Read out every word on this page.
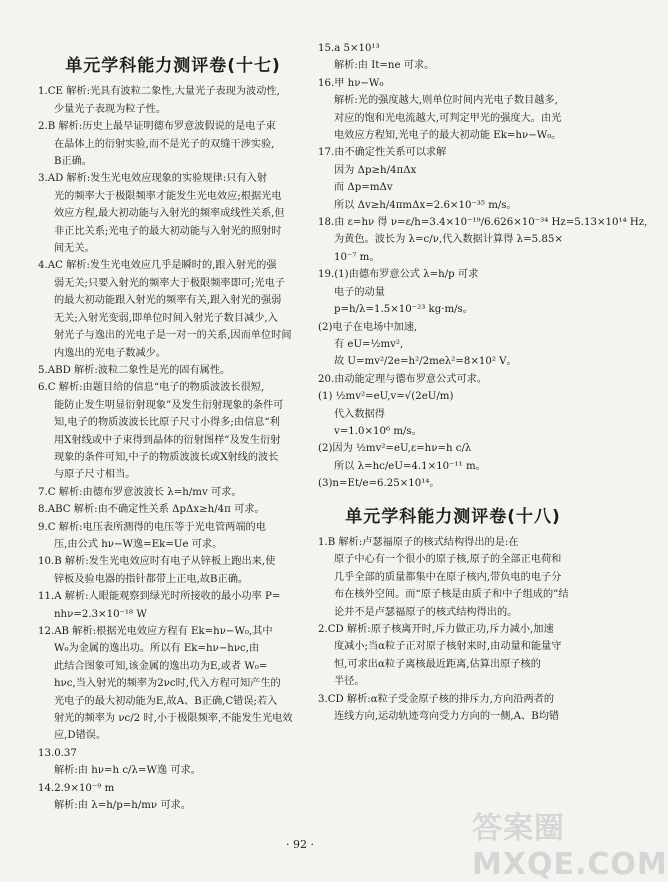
单元学科能力测评卷(十七)
1.CE 解析:光具有波粒二象性,大量光子表现为波动性,
少量光子表现为粒子性。
2.B 解析:历史上最早证明德布罗意波假说的是电子束
在晶体上的衍射实验,而不是光子的双缝干涉实验,
B正确。
3.AD 解析:发生光电效应现象的实验规律:只有入射
光的频率大于极限频率才能发生光电效应;根据光电
效应方程,最大初动能与入射光的频率成线性关系,但
非正比关系;光电子的最大初动能与入射光的照射时
间无关。
4.AC 解析:发生光电效应几乎是瞬时的,跟入射光的强
弱无关;只要入射光的频率大于极限频率即可;光电子
的最大初动能跟入射光的频率有关,跟入射光的强弱
无关;入射光变弱,即单位时间入射光子数目减少,入
射光子与逸出的光电子是一对一的关系,因而单位时间
内逸出的光电子数减少。
5.ABD 解析:波粒二象性是光的固有属性。
6.C 解析:由题目给的信息“电子的物质波波长很短,
能防止发生明显衍射现象”及发生衍射现象的条件可
知,电子的物质波波长比原子尺寸小得多;由信息“利
用X射线或中子束得到晶体的衍射图样”及发生衍射
现象的条件可知,中子的物质波波长或X射线的波长
与原子尺寸相当。
7.C 解析:由德布罗意波波长 λ=h/mv 可求。
8.ABC 解析:由不确定性关系 ΔpΔx≥h/4π 可求。
9.C 解析:电压表所测得的电压等于光电管两端的电
压,由公式 hν−W逸=Ek=Ue 可求。
10.B 解析:发生光电效应时有电子从锌板上跑出来,使
锌板及验电器的指针都带上正电,故B正确。
11.A 解析:人眼能观察到绿光时所接收的最小功率 P=
nhν=2.3×10⁻¹⁸ W
12.AB 解析:根据光电效应方程有 Ek=hν−W₀,其中
W₀为金属的逸出功。所以有 Ek=hν−hνc,由
此结合图象可知,该金属的逸出功为E,或者 W₀=
hνc,当入射光的频率为2νc时,代入方程可知产生的
光电子的最大初动能为E,故A、B正确,C错误;若入
射光的频率为 νc/2 时,小于极限频率,不能发生光电效
应,D错误。
13.0.37
解析:由 hν=h c/λ=W逸 可求。
14.2.9×10⁻⁹ m
解析:由 λ=h/p=h/mν 可求。
15.a 5×10¹³
解析:由 It=ne 可求。
16.甲 hν−W₀
解析:光的强度越大,则单位时间内光电子数目越多,
对应的饱和光电流越大,可判定甲光的强度大。由光
电效应方程知,光电子的最大初动能 Ek=hν−W₀。
17.由不确定性关系可以求解
因为 Δp≥h/4πΔx
而 Δp=mΔv
所以 Δv≥h/4πmΔx=2.6×10⁻³⁵ m/s。
18.由 ε=hν 得 ν=ε/h=3.4×10⁻¹⁹/6.626×10⁻³⁴ Hz=5.13×10¹⁴ Hz,
为黄色。波长为 λ=c/ν,代入数据计算得 λ=5.85×
10⁻⁷ m。
19.(1)由德布罗意公式 λ=h/p 可求
电子的动量
p=h/λ=1.5×10⁻²³ kg·m/s。
(2)电子在电场中加速,
有 eU=½mv²,
故 U=mv²/2e=h²/2meλ²=8×10² V。
20.由动能定理与德布罗意公式可求。
(1) ½mv²=eU,v=√(2eU/m)
代入数据得
v=1.0×10⁶ m/s。
(2)因为 ½mv²=eU,ε=hν=h c/λ
所以 λ=hc/eU=4.1×10⁻¹¹ m。
(3)n=Et/e=6.25×10¹⁴。
单元学科能力测评卷(十八)
1.B 解析:卢瑟福原子的核式结构得出的是:在
原子中心有一个很小的原子核,原子的全部正电荷和
几乎全部的质量都集中在原子核内,带负电的电子分
布在核外空间。而“原子核是由质子和中子组成的”结
论并不是卢瑟福原子的核式结构得出的。
2.CD 解析:原子核离开时,斥力做正功,斥力减小,加速
度减小;当α粒子正对原子核射来时,由动量和能量守
恒,可求出α粒子离核最近距离,估算出原子核的
半径。
3.CD 解析:α粒子受金原子核的排斥力,方向沿两者的
连线方向,运动轨迹弯向受力方向的一侧,A、B均错
· 92 ·	答案圈 MXQE.COM
